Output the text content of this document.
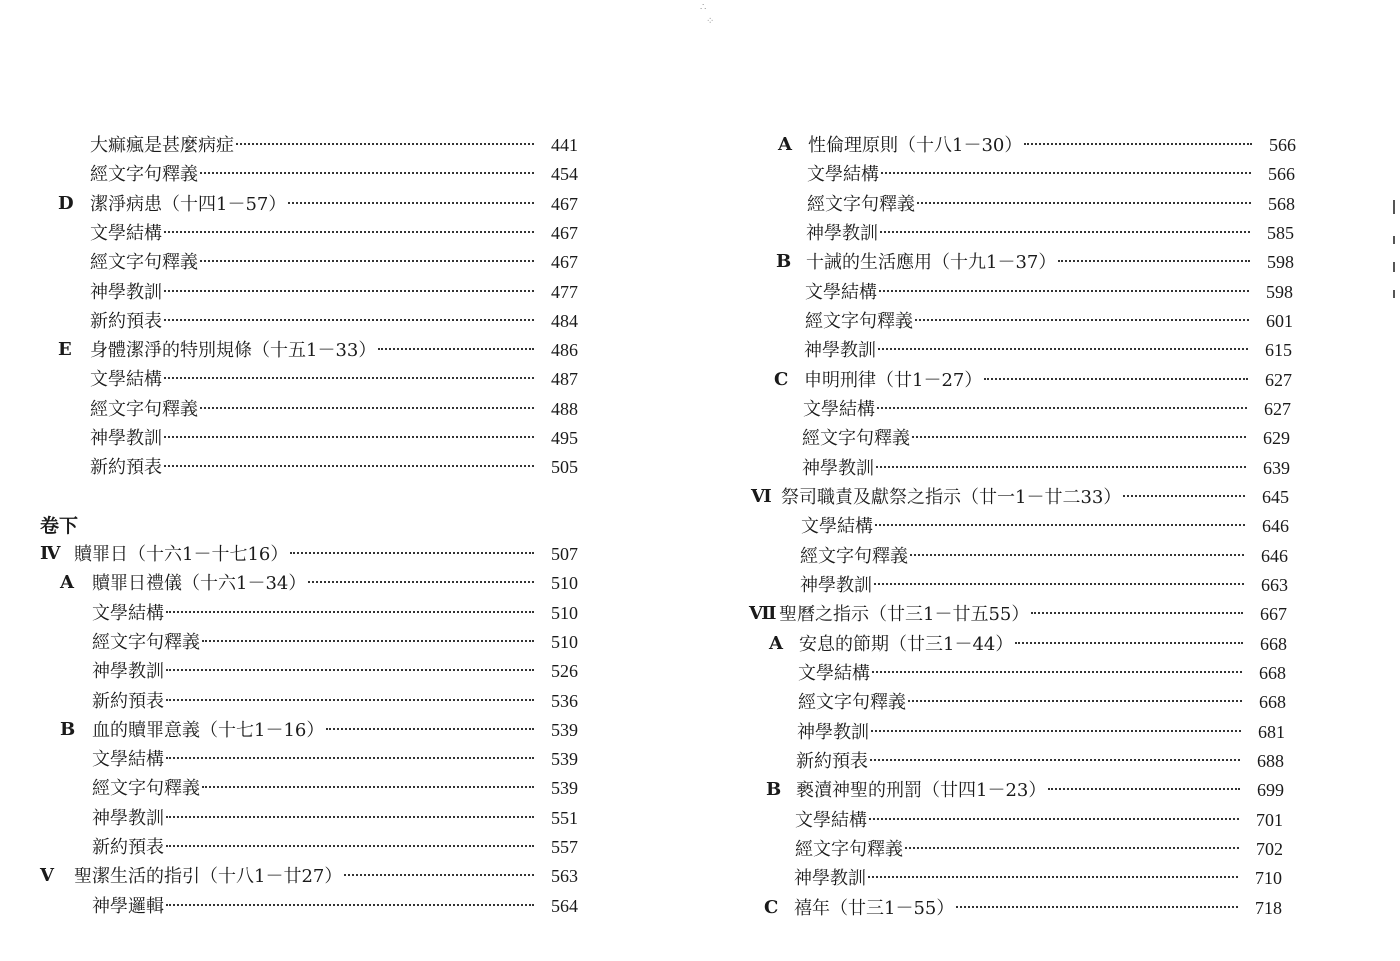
大痲瘋是甚麼病症	441
經文字句釋義	454
D 潔淨病患（十四1－57）	467
文學結構	467
經文字句釋義	467
神學教訓	477
新約預表	484
E 身體潔淨的特別規條（十五1－33）	486
文學結構	487
經文字句釋義	488
神學教訓	495
新約預表	505
Ⅳ 贖罪日（十六1－十七16）	507
A 贖罪日禮儀（十六1－34）	510
文學結構	510
經文字句釋義	510
神學教訓	526
新約預表	536
B 血的贖罪意義（十七1－16）	539
文學結構	539
經文字句釋義	539
神學教訓	551
新約預表	557
Ⅴ 聖潔生活的指引（十八1－廿27）	563
神學邏輯	564
卷下
A 性倫理原則（十八1－30）	566
文學結構	566
經文字句釋義	568
神學教訓	585
B 十誡的生活應用（十九1－37）	598
文學結構	598
經文字句釋義	601
神學教訓	615
C 申明刑律（廿1－27）	627
文學結構	627
經文字句釋義	629
神學教訓	639
Ⅵ 祭司職責及獻祭之指示（廿一1－廿二33）	645
文學結構	646
經文字句釋義	646
神學教訓	663
Ⅶ 聖曆之指示（廿三1－廿五55）	667
A 安息的節期（廿三1－44）	668
文學結構	668
經文字句釋義	668
神學教訓	681
新約預表	688
B 褻瀆神聖的刑罰（廿四1－23）	699
文學結構	701
經文字句釋義	702
神學教訓	710
C 禧年（廿三1－55）	718
∴
⁘
